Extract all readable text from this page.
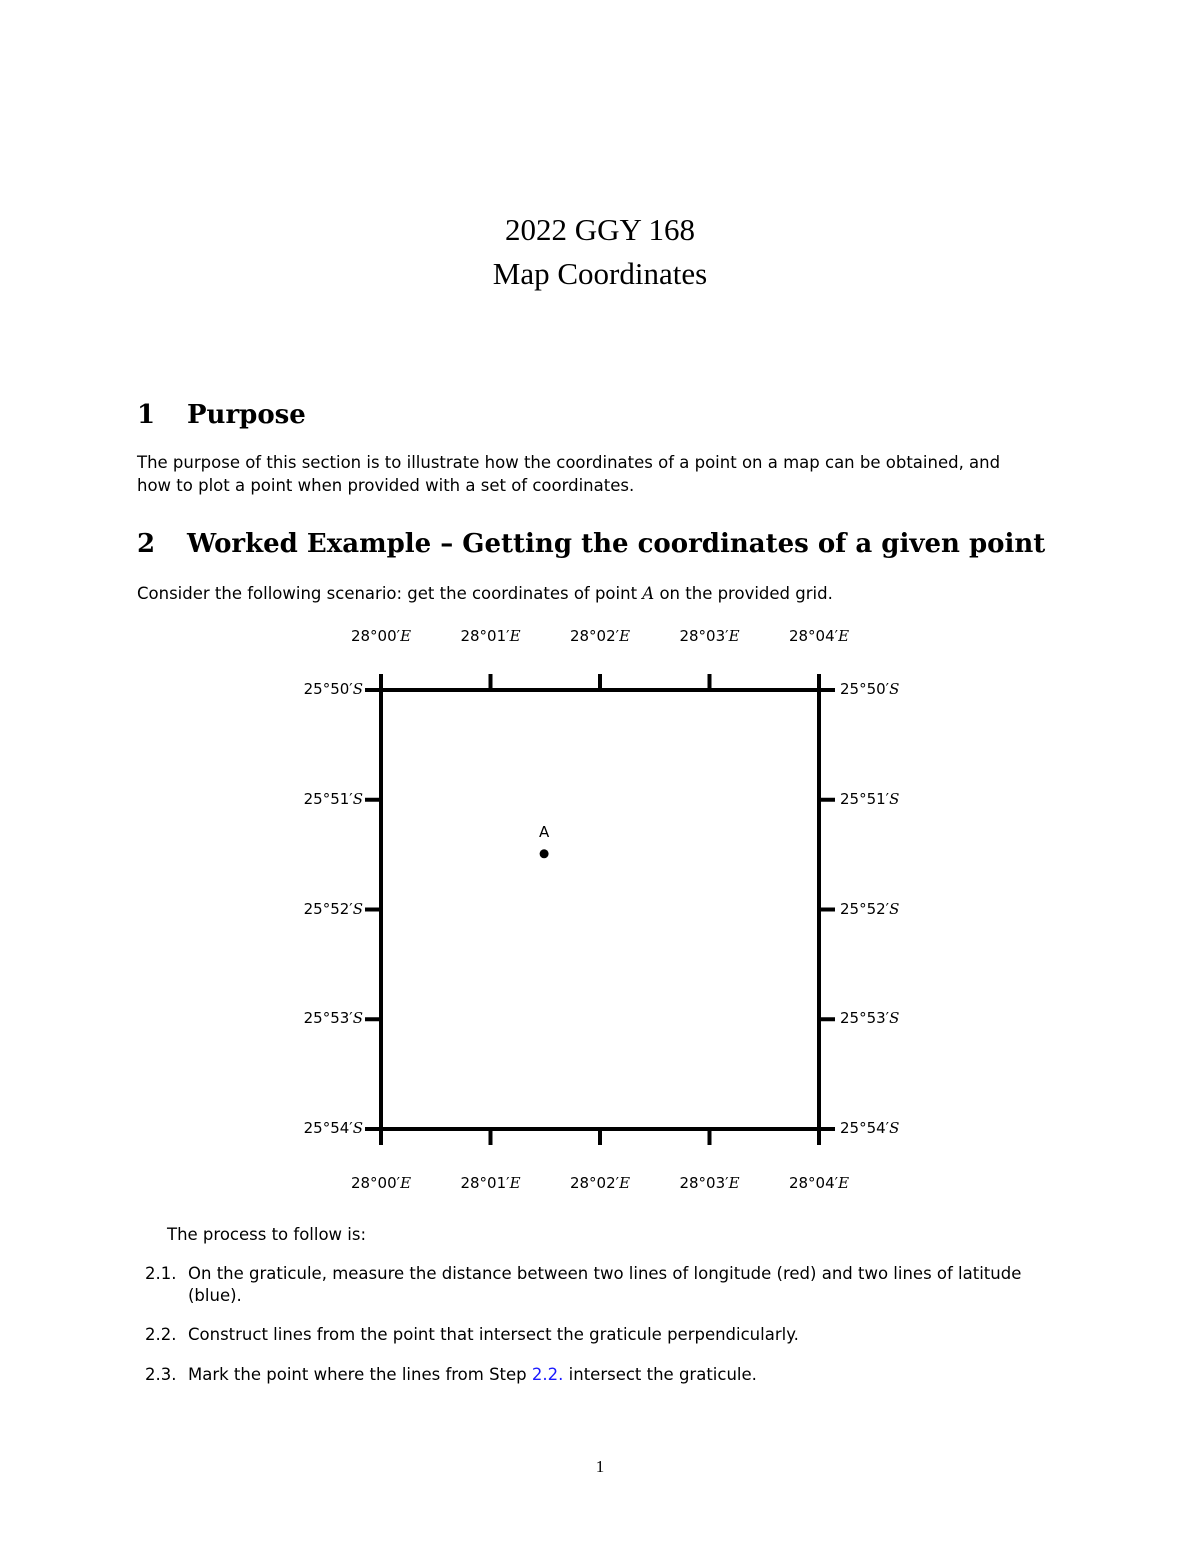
2022 GGY 168
Map Coordinates
1 Purpose
The purpose of this section is to illustrate how the coordinates of a point on a map can be obtained, and
how to plot a point when provided with a set of coordinates.
2 Worked Example – Getting the coordinates of a given point
Consider the following scenario: get the coordinates of point A on the provided grid.
28°00′E
28°00′E
28°01′E
28°01′E
28°02′E
28°02′E
28°03′E
28°03′E
28°04′E
28°04′E
25°50′S	25°50′S
25°51′S	25°51′S
25°52′S	25°52′S
25°53′S	25°53′S
25°54′S	25°54′S
A
The process to follow is:
2.1. On the graticule, measure the distance between two lines of longitude (red) and two lines of latitude (blue).
2.2. Construct lines from the point that intersect the graticule perpendicularly.
2.3. Mark the point where the lines from Step 2.2. intersect the graticule.
1
